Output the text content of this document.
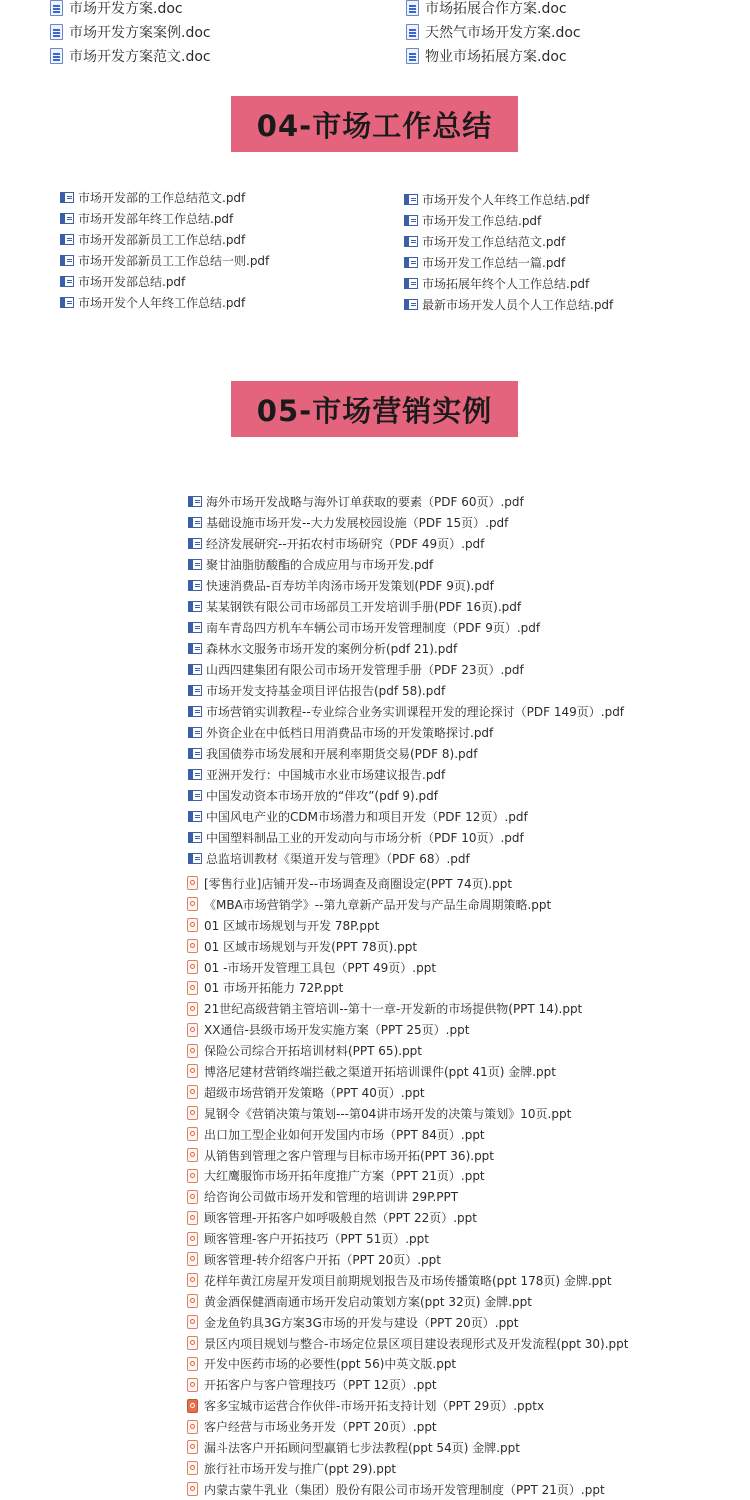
市场开发方案.doc
市场开发方案案例.doc
市场开发方案范文.doc
市场拓展合作方案.doc
天然气市场开发方案.doc
物业市场拓展方案.doc
04-市场工作总结
市场开发部的工作总结范文.pdf
市场开发部年终工作总结.pdf
市场开发部新员工工作总结.pdf
市场开发部新员工工作总结一则.pdf
市场开发部总结.pdf
市场开发个人年终工作总结.pdf
市场开发个人年终工作总结.pdf
市场开发工作总结.pdf
市场开发工作总结范文.pdf
市场开发工作总结一篇.pdf
市场拓展年终个人工作总结.pdf
最新市场开发人员个人工作总结.pdf
05-市场营销实例
海外市场开发战略与海外订单获取的要素（PDF 60页）.pdf
基础设施市场开发--大力发展校园设施（PDF 15页）.pdf
经济发展研究--开拓农村市场研究（PDF 49页）.pdf
聚甘油脂肪酸酯的合成应用与市场开发.pdf
快速消费品-百寿坊羊肉汤市场开发策划(PDF 9页).pdf
某某钢铁有限公司市场部员工开发培训手册(PDF 16页).pdf
南车青岛四方机车车辆公司市场开发管理制度（PDF 9页）.pdf
森林水文服务市场开发的案例分析(pdf 21).pdf
山西四建集团有限公司市场开发管理手册（PDF 23页）.pdf
市场开发支持基金项目评估报告(pdf 58).pdf
市场营销实训教程--专业综合业务实训课程开发的理论探讨（PDF 149页）.pdf
外资企业在中低档日用消费品市场的开发策略探讨.pdf
我国债券市场发展和开展利率期货交易(PDF 8).pdf
亚洲开发行：中国城市水业市场建议报告.pdf
中国发动资本市场开放的“伴攻”(pdf 9).pdf
中国风电产业的CDM市场潜力和项目开发（PDF 12页）.pdf
中国塑料制品工业的开发动向与市场分析（PDF 10页）.pdf
总监培训教材《渠道开发与管理》（PDF 68）.pdf
[零售行业]店铺开发--市场调查及商圈设定(PPT 74页).ppt
《MBA市场营销学》--第九章新产品开发与产品生命周期策略.ppt
01 区域市场规划与开发 78P.ppt
01 区域市场规划与开发(PPT 78页).ppt
01 -市场开发管理工具包（PPT 49页）.ppt
01 市场开拓能力 72P.ppt
21世纪高级营销主管培训--第十一章-开发新的市场提供物(PPT 14).ppt
XX通信-县级市场开发实施方案（PPT 25页）.ppt
保险公司综合开拓培训材料(PPT 65).ppt
博洛尼建材营销终端拦截之渠道开拓培训课件(ppt 41页) 金牌.ppt
超级市场营销开发策略（PPT 40页）.ppt
晁钢令《营销决策与策划---第04讲市场开发的决策与策划》10页.ppt
出口加工型企业如何开发国内市场（PPT 84页）.ppt
从销售到管理之客户管理与目标市场开拓(PPT 36).ppt
大红鹰服饰市场开拓年度推广方案（PPT 21页）.ppt
给咨询公司做市场开发和管理的培训讲 29P.PPT
顾客管理-开拓客户如呼吸般自然（PPT 22页）.ppt
顾客管理-客户开拓技巧（PPT 51页）.ppt
顾客管理-转介绍客户开拓（PPT 20页）.ppt
花样年黄江房屋开发项目前期规划报告及市场传播策略(ppt 178页) 金牌.ppt
黄金酒保健酒南通市场开发启动策划方案(ppt 32页) 金牌.ppt
金龙鱼钓具3G方案3G市场的开发与建设（PPT 20页）.ppt
景区内项目规划与整合-市场定位景区项目建设表现形式及开发流程(ppt 30).ppt
开发中医药市场的必要性(ppt 56)中英文版.ppt
开拓客户与客户管理技巧（PPT 12页）.ppt
客多宝城市运营合作伙伴-市场开拓支持计划（PPT 29页）.pptx
客户经营与市场业务开发（PPT 20页）.ppt
漏斗法客户开拓顾问型赢销七步法教程(ppt 54页) 金牌.ppt
旅行社市场开发与推广(ppt 29).ppt
内蒙古蒙牛乳业（集团）股份有限公司市场开发管理制度（PPT 21页）.ppt
